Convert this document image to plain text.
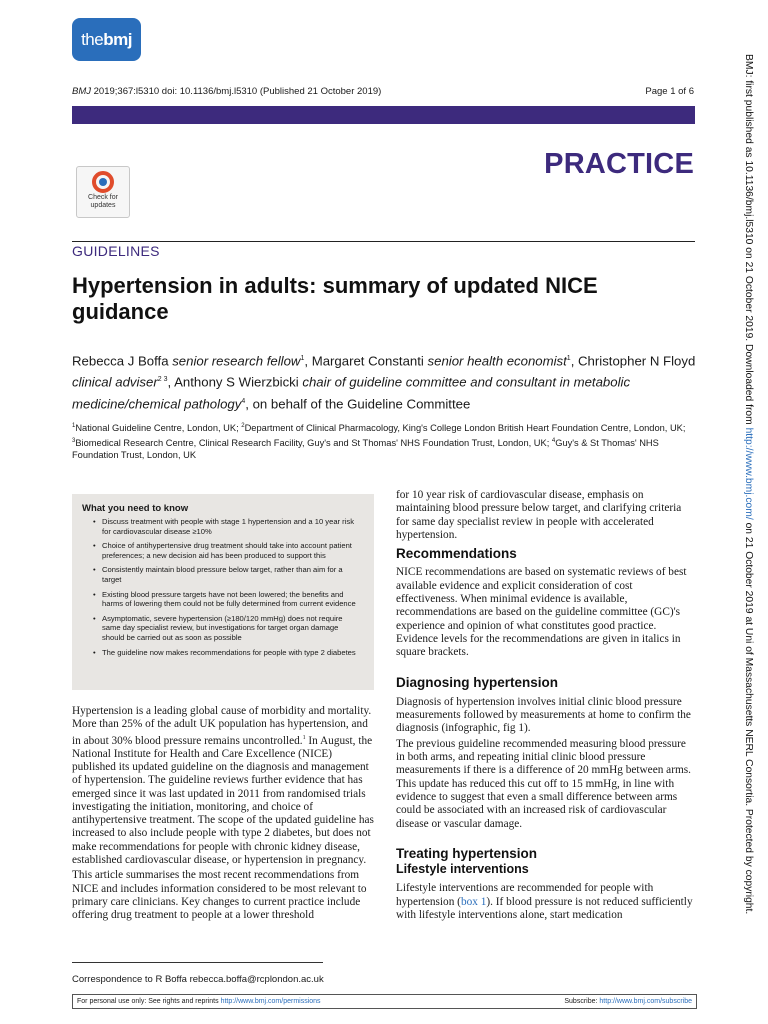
the bmj
BMJ 2019;367:l5310 doi: 10.1136/bmj.l5310 (Published 21 October 2019)	Page 1 of 6
PRACTICE
Check for
updates
GUIDELINES
Hypertension in adults: summary of updated NICE guidance
Rebecca J Boffa senior research fellow$^1$, Margaret Constanti senior health economist$^1$, Christopher N Floyd clinical adviser$^{2 3}$, Anthony S Wierzbicki chair of guideline committee and consultant in metabolic medicine/chemical pathology$^4$, on behalf of the Guideline Committee
$^1$National Guideline Centre, London, UK; $^2$Department of Clinical Pharmacology, King's College London British Heart Foundation Centre, London, UK; $^3$Biomedical Research Centre, Clinical Research Facility, Guy's and St Thomas' NHS Foundation Trust, London, UK; $^4$Guy's & St Thomas' NHS Foundation Trust, London, UK
What you need to know
• Discuss treatment with people with stage 1 hypertension and a 10 year risk for cardiovascular disease ≥10%
• Choice of antihypertensive drug treatment should take into account patient preferences; a new decision aid has been produced to support this
• Consistently maintain blood pressure below target, rather than aim for a target
• Existing blood pressure targets have not been lowered; the benefits and harms of lowering them could not be fully determined from current evidence
• Asymptomatic, severe hypertension (≥180/120 mmHg) does not require same day specialist review, but investigations for target organ damage should be carried out as soon as possible
• The guideline now makes recommendations for people with type 2 diabetes

Hypertension is a leading global cause of morbidity and mortality. More than 25% of the adult UK population has hypertension, and in about 30% blood pressure remains uncontrolled.$^1$ In August, the National Institute for Health and Care Excellence (NICE) published its updated guideline on the diagnosis and management of hypertension. The guideline reviews further evidence that has emerged since it was last updated in 2011 from randomised trials investigating the initiation, monitoring, and choice of antihypertensive treatment. The scope of the updated guideline has increased to also include people with type 2 diabetes, but does not make recommendations for people with chronic kidney disease, established cardiovascular disease, or hypertension in pregnancy.

This article summarises the most recent recommendations from NICE and includes information considered to be most relevant to primary care clinicians. Key changes to current practice include offering drug treatment to people at a lower threshold

for 10 year risk of cardiovascular disease, emphasis on maintaining blood pressure below target, and clarifying criteria for same day specialist review in people with accelerated hypertension.

Recommendations

NICE recommendations are based on systematic reviews of best available evidence and explicit consideration of cost effectiveness. When minimal evidence is available, recommendations are based on the guideline committee (GC)'s experience and opinion of what constitutes good practice. Evidence levels for the recommendations are given in italics in square brackets.

Diagnosing hypertension

Diagnosis of hypertension involves initial clinic blood pressure measurements followed by measurements at home to confirm the diagnosis (infographic, fig 1).

The previous guideline recommended measuring blood pressure in both arms, and repeating initial clinic blood pressure measurements if there is a difference of 20 mmHg between arms. This update has reduced this cut off to 15 mmHg, in line with evidence to suggest that even a small difference between arms could be associated with an increased risk of cardiovascular disease or vascular damage.

Treating hypertension
Lifestyle interventions

Lifestyle interventions are recommended for people with hypertension (box 1). If blood pressure is not reduced sufficiently with lifestyle interventions alone, start medication

Correspondence to R Boffa rebecca.boffa@rcplondon.ac.uk
For personal use only: See rights and reprints http://www.bmj.com/permissions	Subscribe: http://www.bmj.com/subscribe
BMJ: first published as 10.1136/bmj.l5310 on 21 October 2019. Downloaded from http://www.bmj.com/ on 21 October 2019 at Uni of Massachusetts NERL Consortia. Protected by copyright.
